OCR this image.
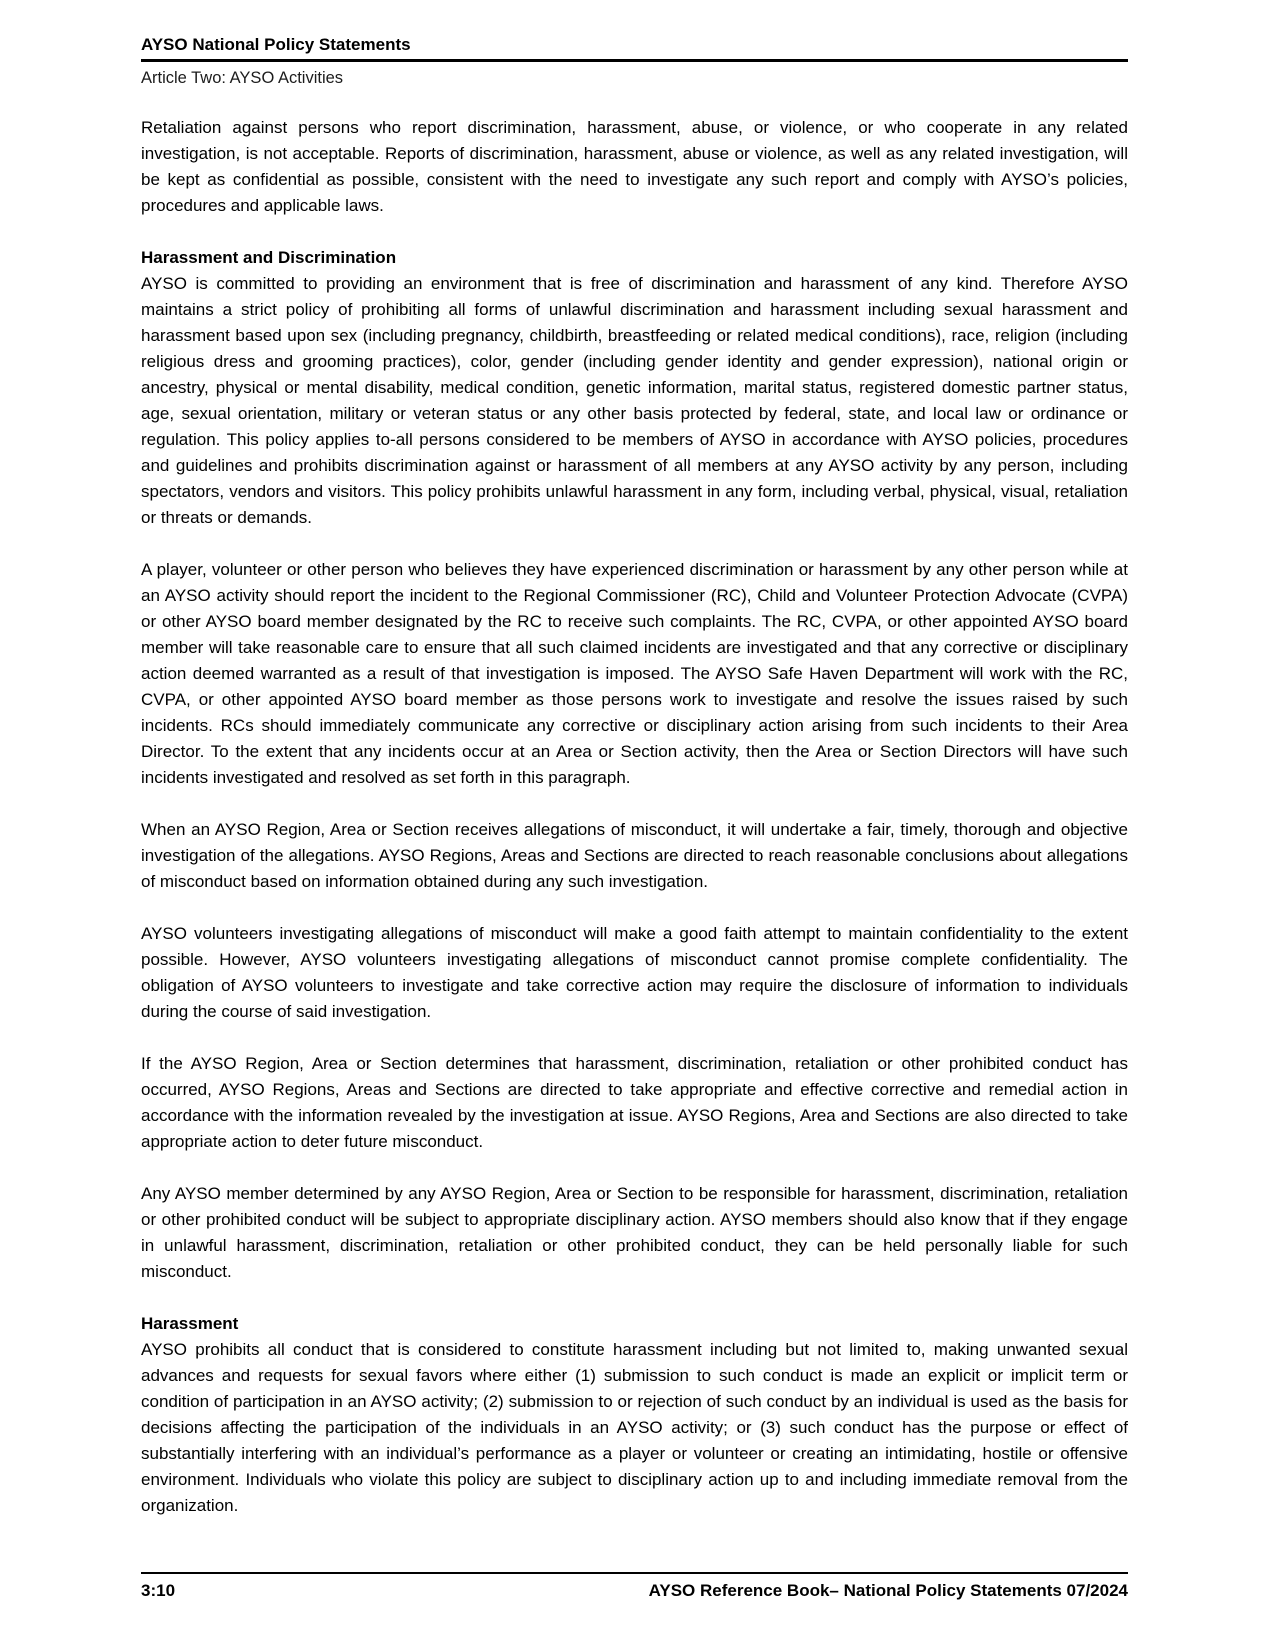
AYSO National Policy Statements
Article Two: AYSO Activities

Retaliation against persons who report discrimination, harassment, abuse, or violence, or who cooperate in any related investigation, is not acceptable. Reports of discrimination, harassment, abuse or violence, as well as any related investigation, will be kept as confidential as possible, consistent with the need to investigate any such report and comply with AYSO’s policies, procedures and applicable laws.

Harassment and Discrimination

AYSO is committed to providing an environment that is free of discrimination and harassment of any kind. Therefore AYSO maintains a strict policy of prohibiting all forms of unlawful discrimination and harassment including sexual harassment and harassment based upon sex (including pregnancy, childbirth, breastfeeding or related medical conditions), race, religion (including religious dress and grooming practices), color, gender (including gender identity and gender expression), national origin or ancestry, physical or mental disability, medical condition, genetic information, marital status, registered domestic partner status, age, sexual orientation, military or veteran status or any other basis protected by federal, state, and local law or ordinance or regulation. This policy applies to-all persons considered to be members of AYSO in accordance with AYSO policies, procedures and guidelines and prohibits discrimination against or harassment of all members at any AYSO activity by any person, including spectators, vendors and visitors. This policy prohibits unlawful harassment in any form, including verbal, physical, visual, retaliation or threats or demands.

A player, volunteer or other person who believes they have experienced discrimination or harassment by any other person while at an AYSO activity should report the incident to the Regional Commissioner (RC), Child and Volunteer Protection Advocate (CVPA) or other AYSO board member designated by the RC to receive such complaints. The RC, CVPA, or other appointed AYSO board member will take reasonable care to ensure that all such claimed incidents are investigated and that any corrective or disciplinary action deemed warranted as a result of that investigation is imposed. The AYSO Safe Haven Department will work with the RC, CVPA, or other appointed AYSO board member as those persons work to investigate and resolve the issues raised by such incidents. RCs should immediately communicate any corrective or disciplinary action arising from such incidents to their Area Director. To the extent that any incidents occur at an Area or Section activity, then the Area or Section Directors will have such incidents investigated and resolved as set forth in this paragraph.

When an AYSO Region, Area or Section receives allegations of misconduct, it will undertake a fair, timely, thorough and objective investigation of the allegations. AYSO Regions, Areas and Sections are directed to reach reasonable conclusions about allegations of misconduct based on information obtained during any such investigation.

AYSO volunteers investigating allegations of misconduct will make a good faith attempt to maintain confidentiality to the extent possible. However, AYSO volunteers investigating allegations of misconduct cannot promise complete confidentiality. The obligation of AYSO volunteers to investigate and take corrective action may require the disclosure of information to individuals during the course of said investigation.

If the AYSO Region, Area or Section determines that harassment, discrimination, retaliation or other prohibited conduct has occurred, AYSO Regions, Areas and Sections are directed to take appropriate and effective corrective and remedial action in accordance with the information revealed by the investigation at issue. AYSO Regions, Area and Sections are also directed to take appropriate action to deter future misconduct.

Any AYSO member determined by any AYSO Region, Area or Section to be responsible for harassment, discrimination, retaliation or other prohibited conduct will be subject to appropriate disciplinary action. AYSO members should also know that if they engage in unlawful harassment, discrimination, retaliation or other prohibited conduct, they can be held personally liable for such misconduct.

Harassment

AYSO prohibits all conduct that is considered to constitute harassment including but not limited to, making unwanted sexual advances and requests for sexual favors where either (1) submission to such conduct is made an explicit or implicit term or condition of participation in an AYSO activity; (2) submission to or rejection of such conduct by an individual is used as the basis for decisions affecting the participation of the individuals in an AYSO activity; or (3) such conduct has the purpose or effect of substantially interfering with an individual’s performance as a player or volunteer or creating an intimidating, hostile or offensive environment. Individuals who violate this policy are subject to disciplinary action up to and including immediate removal from the organization.

3:10	AYSO Reference Book– National Policy Statements 07/2024
